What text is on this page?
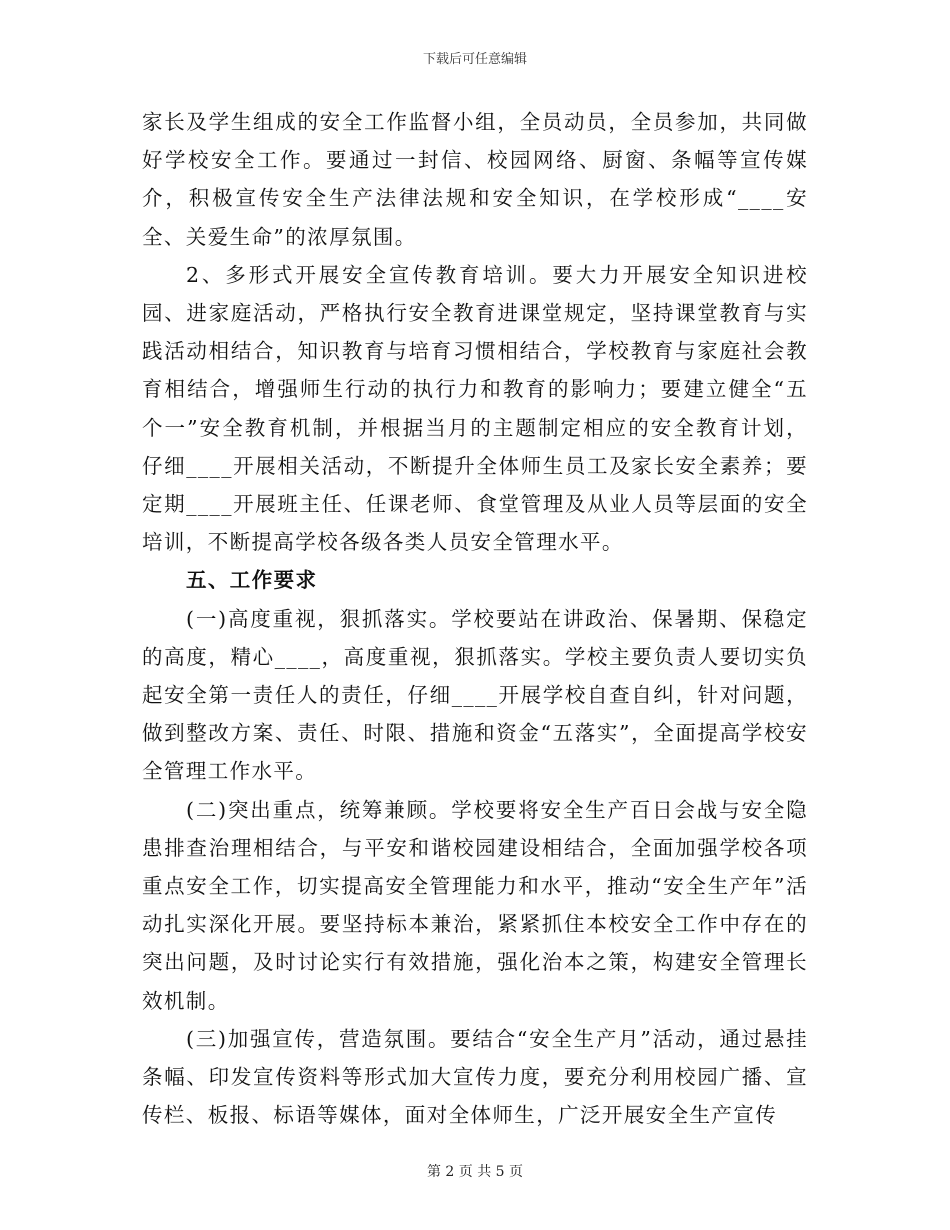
下载后可任意编辑

家长及学生组成的安全工作监督小组，全员动员，全员参加，共同做好学校安全工作。要通过一封信、校园网络、厨窗、条幅等宣传媒介，积极宣传安全生产法律法规和安全知识，在学校形成“____安全、关爱生命”的浓厚氛围。

2、多形式开展安全宣传教育培训。要大力开展安全知识进校园、进家庭活动，严格执行安全教育进课堂规定，坚持课堂教育与实践活动相结合，知识教育与培育习惯相结合，学校教育与家庭社会教育相结合，增强师生行动的执行力和教育的影响力；要建立健全“五个一”安全教育机制，并根据当月的主题制定相应的安全教育计划，仔细____开展相关活动，不断提升全体师生员工及家长安全素养；要定期____开展班主任、任课老师、食堂管理及从业人员等层面的安全培训，不断提高学校各级各类人员安全管理水平。

五、工作要求

(一)高度重视，狠抓落实。学校要站在讲政治、保暑期、保稳定的高度，精心____，高度重视，狠抓落实。学校主要负责人要切实负起安全第一责任人的责任，仔细____开展学校自查自纠，针对问题，做到整改方案、责任、时限、措施和资金“五落实”，全面提高学校安全管理工作水平。

(二)突出重点，统筹兼顾。学校要将安全生产百日会战与安全隐患排查治理相结合，与平安和谐校园建设相结合，全面加强学校各项重点安全工作，切实提高安全管理能力和水平，推动“安全生产年”活动扎实深化开展。要坚持标本兼治，紧紧抓住本校安全工作中存在的突出问题，及时讨论实行有效措施，强化治本之策，构建安全管理长效机制。

(三)加强宣传，营造氛围。要结合“安全生产月”活动，通过悬挂条幅、印发宣传资料等形式加大宣传力度，要充分利用校园广播、宣传栏、板报、标语等媒体，面对全体师生，广泛开展安全生产宣传

第 2 页 共 5 页
